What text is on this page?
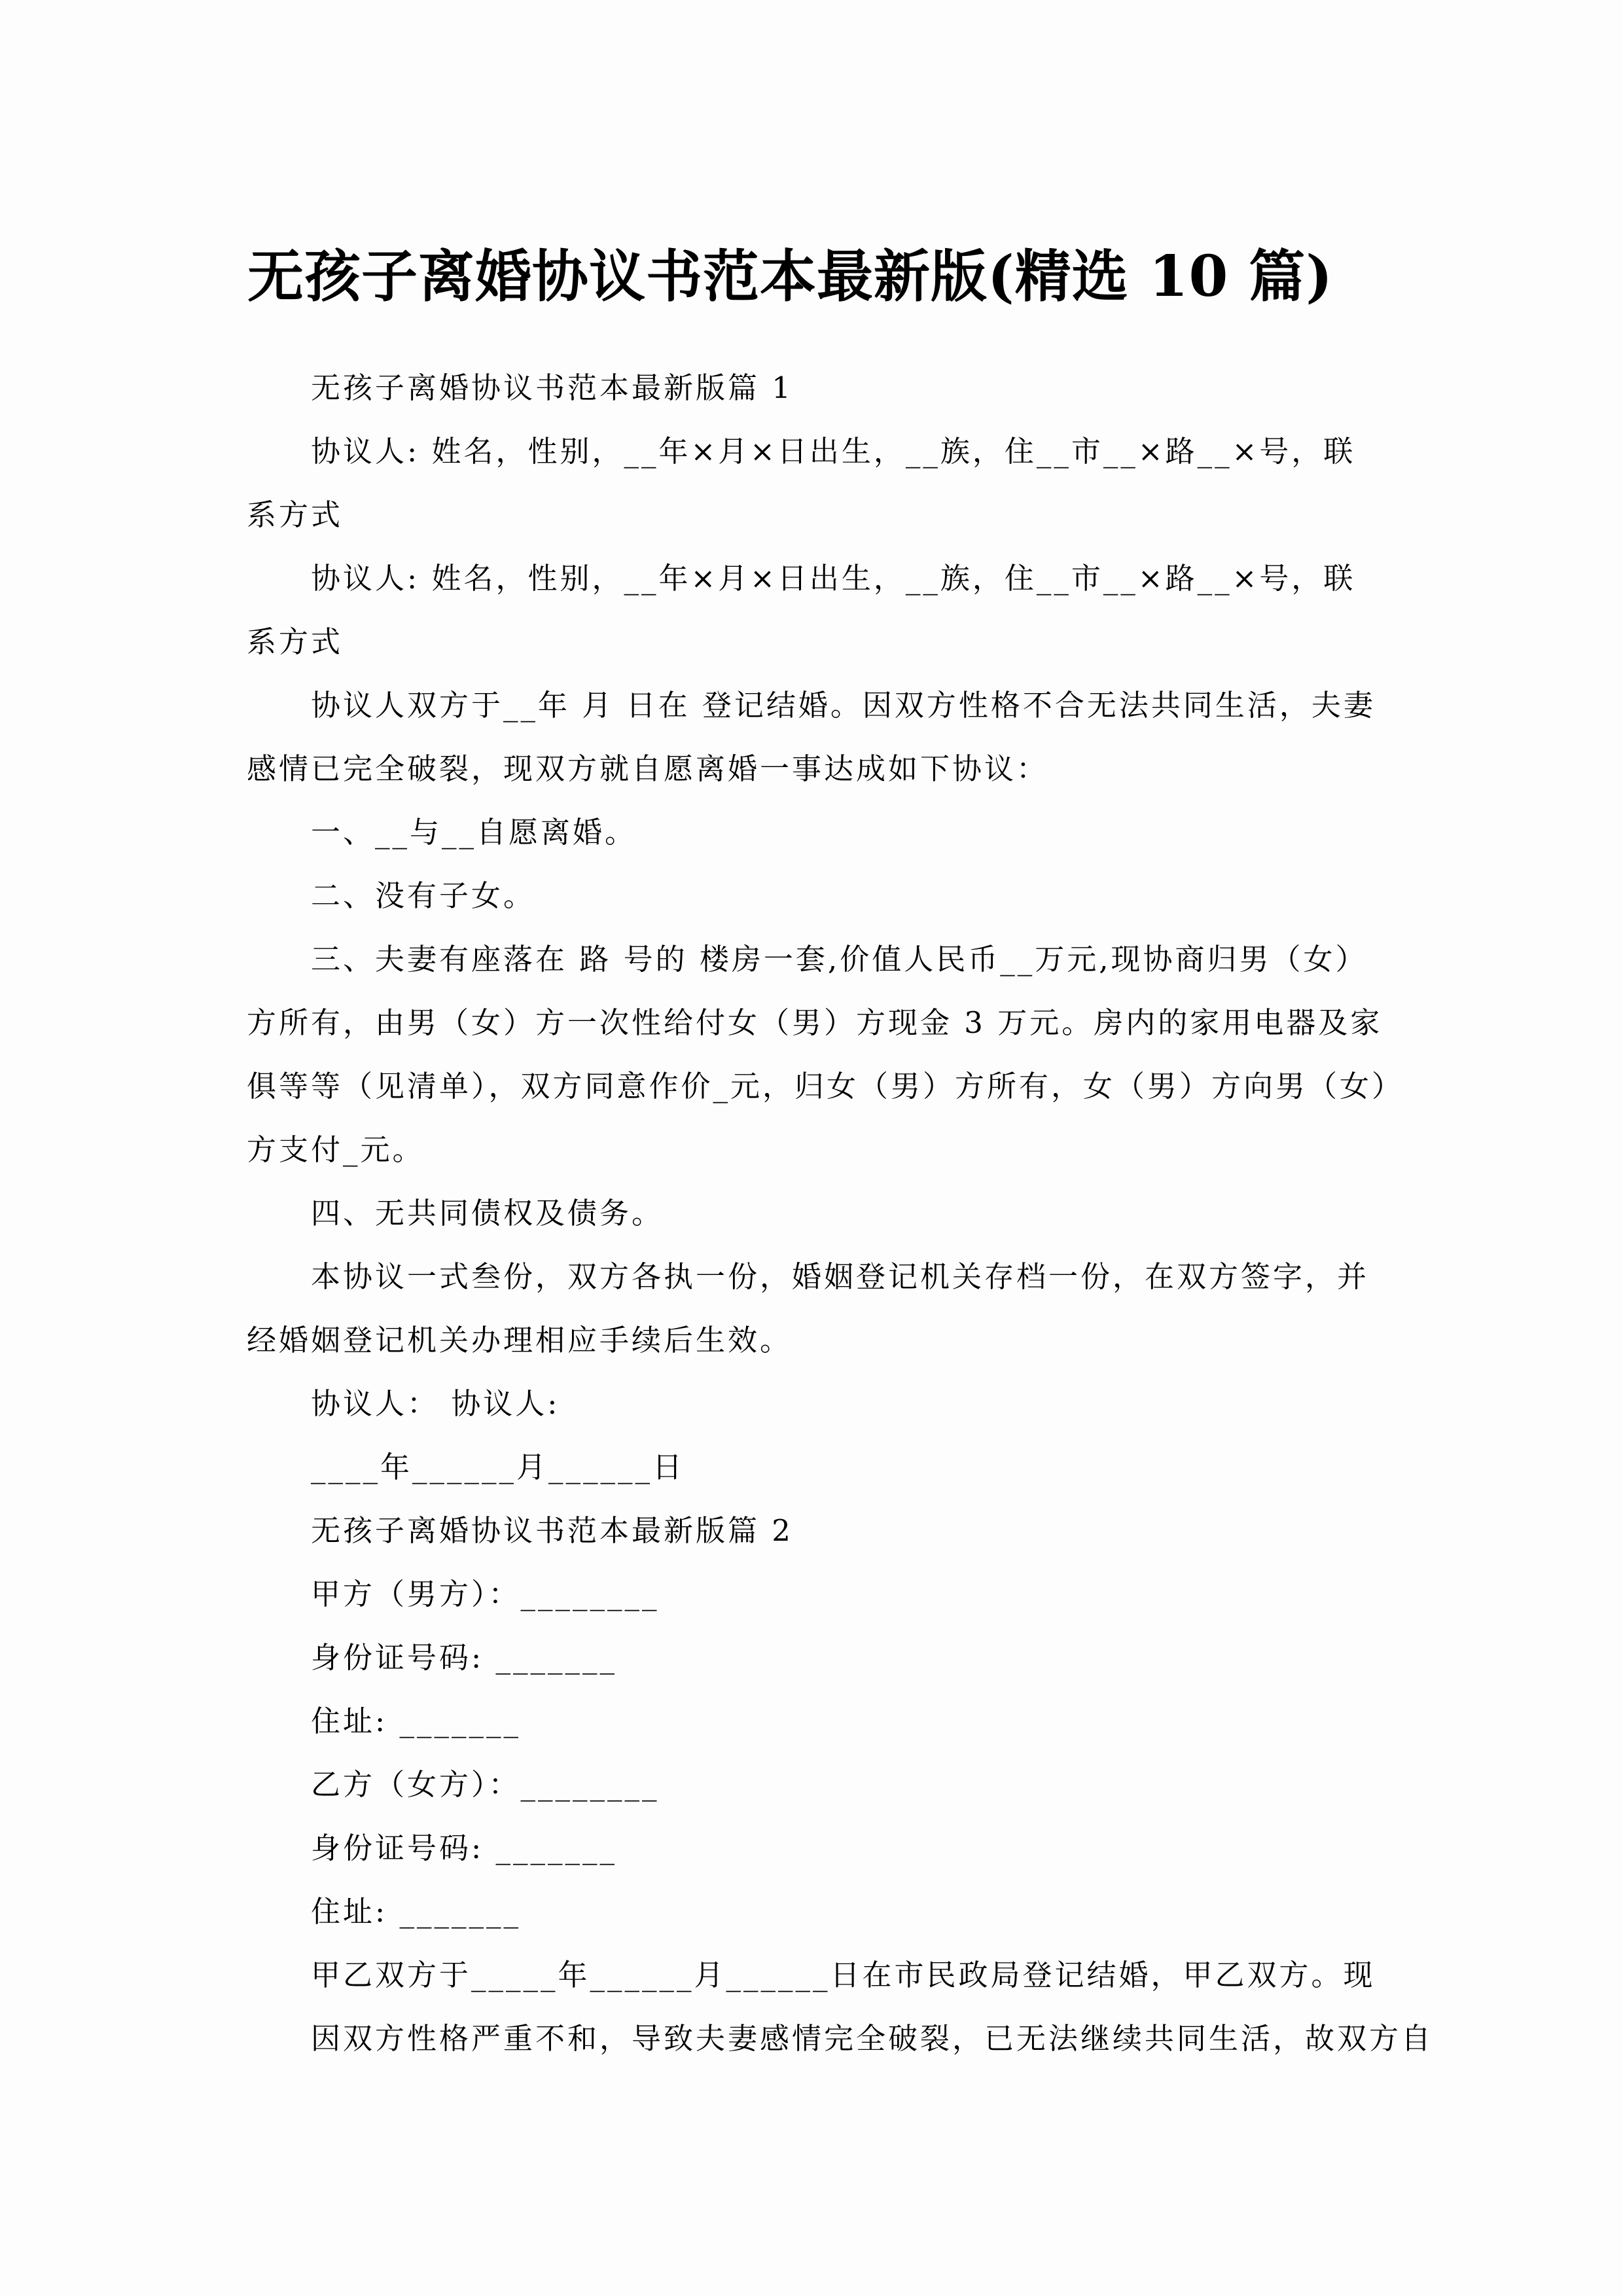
无孩子离婚协议书范本最新版(精选 10 篇)
无孩子离婚协议书范本最新版篇 1
协议人: 姓名，性别，__年×月×日出生，__族，住__市__×路__×号，联
系方式
协议人: 姓名，性别，__年×月×日出生，__族，住__市__×路__×号，联
系方式
协议人双方于__年 月 日在 登记结婚。因双方性格不合无法共同生活，夫妻
感情已完全破裂，现双方就自愿离婚一事达成如下协议：
一、__与__自愿离婚。
二、没有子女。
三、夫妻有座落在 路 号的 楼房一套,价值人民币__万元,现协商归男（女）
方所有，由男（女）方一次性给付女（男）方现金 3 万元。房内的家用电器及家
俱等等（见清单），双方同意作价_元，归女（男）方所有，女（男）方向男（女）
方支付_元。
四、无共同债权及债务。
本协议一式叁份，双方各执一份，婚姻登记机关存档一份，在双方签字，并
经婚姻登记机关办理相应手续后生效。
协议人： 协议人:
____年______月______日
无孩子离婚协议书范本最新版篇 2
甲方（男方）：________
身份证号码: _______
住址: _______
乙方（女方）：________
身份证号码: _______
住址: _______
甲乙双方于_____年______月______日在市民政局登记结婚，甲乙双方。现
因双方性格严重不和，导致夫妻感情完全破裂，已无法继续共同生活，故双方自
